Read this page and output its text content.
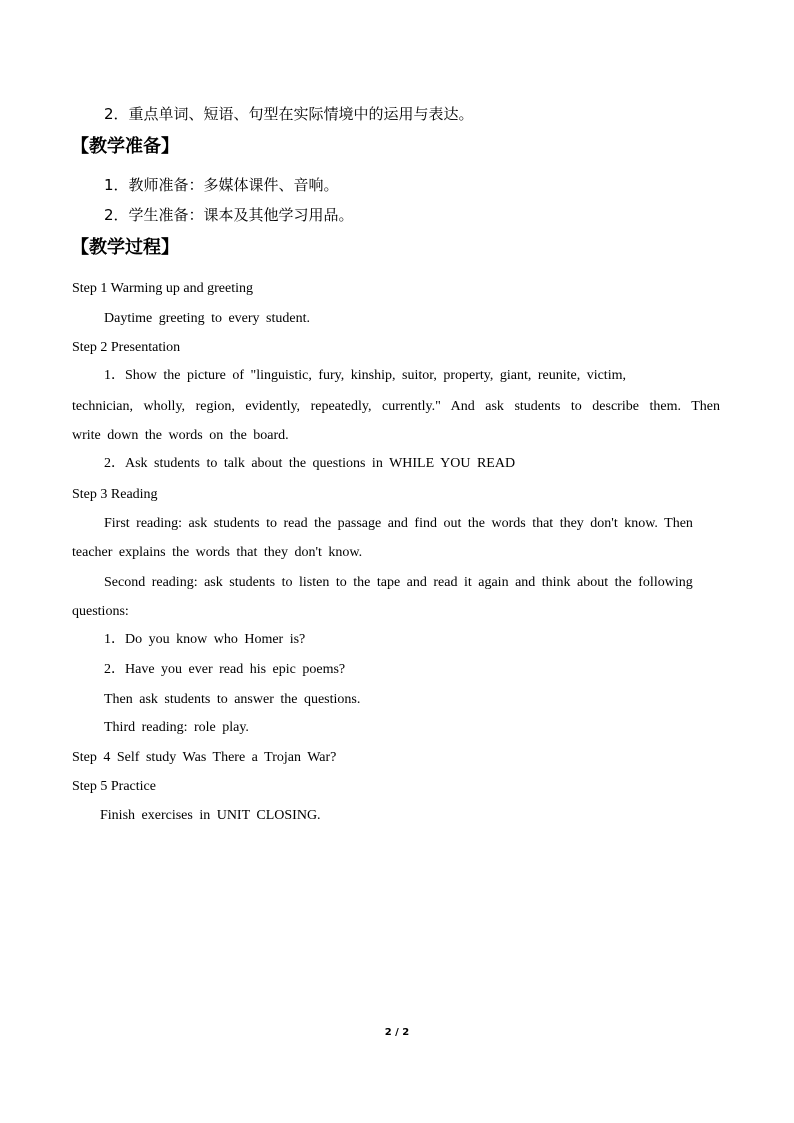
2．重点单词、短语、句型在实际情境中的运用与表达。
【教学准备】
1．教师准备：多媒体课件、音响。
2．学生准备：课本及其他学习用品。
【教学过程】
Step 1 Warming up and greeting
Daytime greeting to every student.
Step 2 Presentation
1．Show the picture of "linguistic, fury, kinship, suitor, property, giant, reunite, victim,
technician, wholly, region, evidently, repeatedly, currently." And ask students to describe them. Then
write down the words on the board.
2．Ask students to talk about the questions in WHILE YOU READ
Step 3 Reading
First reading: ask students to read the passage and find out the words that they don't know. Then
teacher explains the words that they don't know.
Second reading: ask students to listen to the tape and read it again and think about the following
questions:
1．Do you know who Homer is?
2．Have you ever read his epic poems?
Then ask students to answer the questions.
Third reading: role play.
Step 4 Self study Was There a Trojan War?
Step 5 Practice
Finish exercises in UNIT CLOSING.
2 / 2
